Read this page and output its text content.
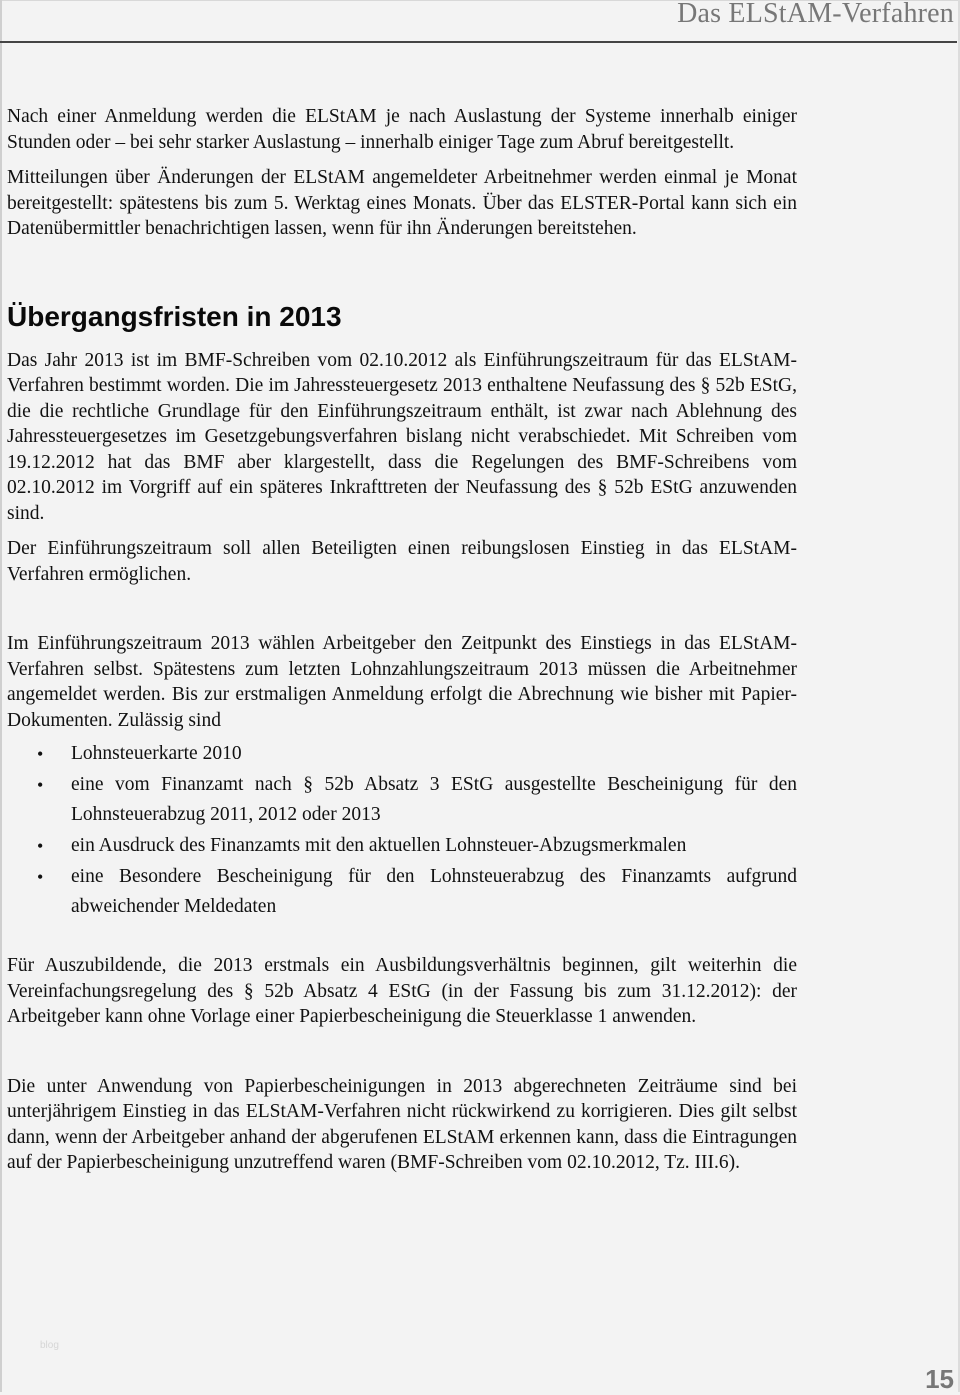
Das ELStAM-Verfahren

Nach einer Anmeldung werden die ELStAM je nach Auslastung der Systeme innerhalb einiger Stunden oder – bei sehr starker Auslastung – innerhalb einiger Tage zum Abruf bereitgestellt.

Mitteilungen über Änderungen der ELStAM angemeldeter Arbeitnehmer werden einmal je Monat bereitgestellt: spätestens bis zum 5. Werktag eines Monats. Über das ELSTER-Portal kann sich ein Datenübermittler benachrichtigen lassen, wenn für ihn Änderungen bereitstehen.

Übergangsfristen in 2013

Das Jahr 2013 ist im BMF-Schreiben vom 02.10.2012 als Einführungszeitraum für das ELStAM-Verfahren bestimmt worden. Die im Jahressteuergesetz 2013 enthaltene Neufassung des § 52b EStG, die die rechtliche Grundlage für den Einführungszeitraum enthält, ist zwar nach Ablehnung des Jahressteuergesetzes im Gesetzgebungsverfahren bislang nicht verabschiedet. Mit Schreiben vom 19.12.2012 hat das BMF aber klargestellt, dass die Regelungen des BMF-Schreibens vom 02.10.2012 im Vorgriff auf ein späteres Inkrafttreten der Neufassung des § 52b EStG anzuwenden sind.

Der Einführungszeitraum soll allen Beteiligten einen reibungslosen Einstieg in das ELStAM-Verfahren ermöglichen.

Im Einführungszeitraum 2013 wählen Arbeitgeber den Zeitpunkt des Einstiegs in das ELStAM-Verfahren selbst. Spätestens zum letzten Lohnzahlungszeitraum 2013 müssen die Arbeitnehmer angemeldet werden. Bis zur erstmaligen Anmeldung erfolgt die Abrechnung wie bisher mit Papier-Dokumenten. Zulässig sind

• Lohnsteuerkarte 2010
• eine vom Finanzamt nach § 52b Absatz 3 EStG ausgestellte Bescheinigung für den Lohnsteuerabzug 2011, 2012 oder 2013
• ein Ausdruck des Finanzamts mit den aktuellen Lohnsteuer-Abzugsmerkmalen
• eine Besondere Bescheinigung für den Lohnsteuerabzug des Finanzamts aufgrund abweichender Meldedaten

Für Auszubildende, die 2013 erstmals ein Ausbildungsverhältnis beginnen, gilt weiterhin die Vereinfachungsregelung des § 52b Absatz 4 EStG (in der Fassung bis zum 31.12.2012): der Arbeitgeber kann ohne Vorlage einer Papierbescheinigung die Steuerklasse 1 anwenden.

Die unter Anwendung von Papierbescheinigungen in 2013 abgerechneten Zeiträume sind bei unterjährigem Einstieg in das ELStAM-Verfahren nicht rückwirkend zu korrigieren. Dies gilt selbst dann, wenn der Arbeitgeber anhand der abgerufenen ELStAM erkennen kann, dass die Eintragungen auf der Papierbescheinigung unzutreffend waren (BMF-Schreiben vom 02.10.2012, Tz. III.6).

blog
15
